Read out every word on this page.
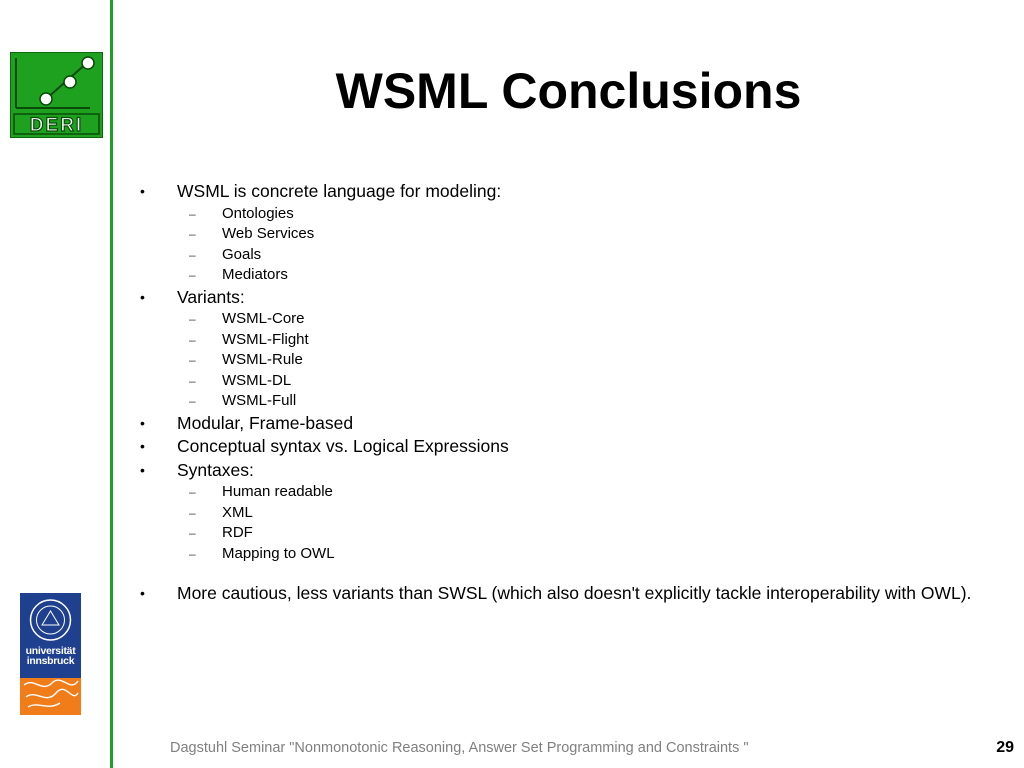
DERI
universität
innsbruck
WSML Conclusions
• WSML is concrete language for modeling:
– Ontologies
– Web Services
– Goals
– Mediators
• Variants:
– WSML-Core
– WSML-Flight
– WSML-Rule
– WSML-DL
– WSML-Full
• Modular, Frame-based
• Conceptual syntax vs. Logical Expressions
• Syntaxes:
– Human readable
– XML
– RDF
– Mapping to OWL
• More cautious, less variants than SWSL (which also doesn't explicitly tackle interoperability with OWL).
Dagstuhl Seminar "Nonmonotonic Reasoning, Answer Set Programming and Constraints "	29
